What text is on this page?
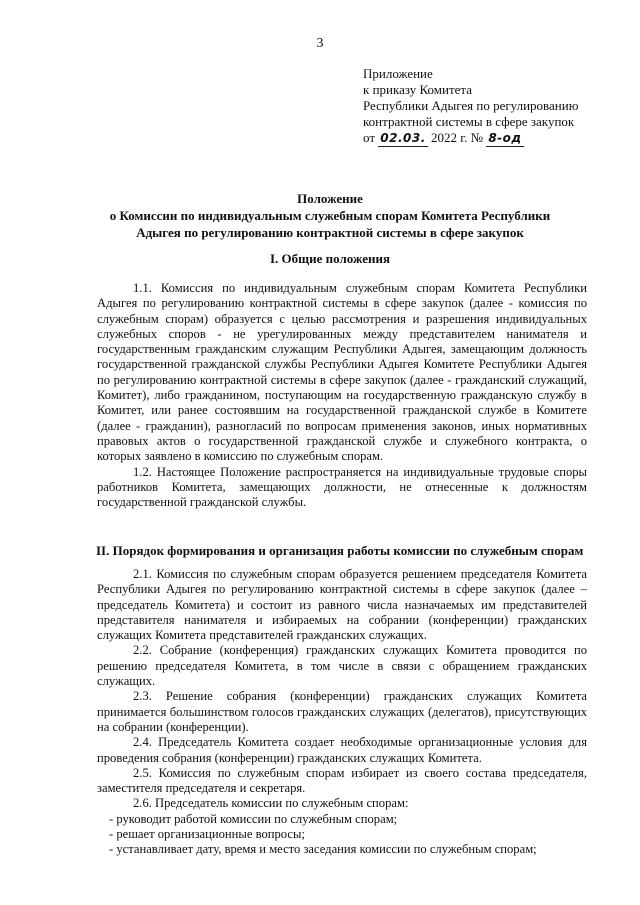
3
Приложение
к приказу Комитета
Республики Адыгея по регулированию
контрактной системы в сфере закупок
от 02.03. 2022 г. № 8-од
Положение
о Комиссии по индивидуальным служебным спорам Комитета Республики
Адыгея по регулированию контрактной системы в сфере закупок
I. Общие положения

1.1. Комиссия по индивидуальным служебным спорам Комитета Республики Адыгея по регулированию контрактной системы в сфере закупок (далее - комиссия по служебным спорам) образуется с целью рассмотрения и разрешения индивидуальных служебных споров - не урегулированных между представителем нанимателя и государственным гражданским служащим Республики Адыгея, замещающим должность государственной гражданской службы Республики Адыгея Комитете Республики Адыгея по регулированию контрактной системы в сфере закупок (далее - гражданский служащий, Комитет), либо гражданином, поступающим на государственную гражданскую службу в Комитет, или ранее состоявшим на государственной гражданской службе в Комитете (далее - гражданин), разногласий по вопросам применения законов, иных нормативных правовых актов о государственной гражданской службе и служебного контракта, о которых заявлено в комиссию по служебным спорам.

1.2. Настоящее Положение распространяется на индивидуальные трудовые споры работников Комитета, замещающих должности, не отнесенные к должностям государственной гражданской службы.

II. Порядок формирования и организация работы комиссии по служебным спорам

2.1. Комиссия по служебным спорам образуется решением председателя Комитета Республики Адыгея по регулированию контрактной системы в сфере закупок (далее – председатель Комитета) и состоит из равного числа назначаемых им представителей представителя нанимателя и избираемых на собрании (конференции) гражданских служащих Комитета представителей гражданских служащих.

2.2. Собрание (конференция) гражданских служащих Комитета проводится по решению председателя Комитета, в том числе в связи с обращением гражданских служащих.

2.3. Решение собрания (конференции) гражданских служащих Комитета принимается большинством голосов гражданских служащих (делегатов), присутствующих на собрании (конференции).

2.4. Председатель Комитета создает необходимые организационные условия для проведения собрания (конференции) гражданских служащих Комитета.

2.5. Комиссия по служебным спорам избирает из своего состава председателя, заместителя председателя и секретаря.

2.6. Председатель комиссии по служебным спорам:

- руководит работой комиссии по служебным спорам;

- решает организационные вопросы;

- устанавливает дату, время и место заседания комиссии по служебным спорам;
